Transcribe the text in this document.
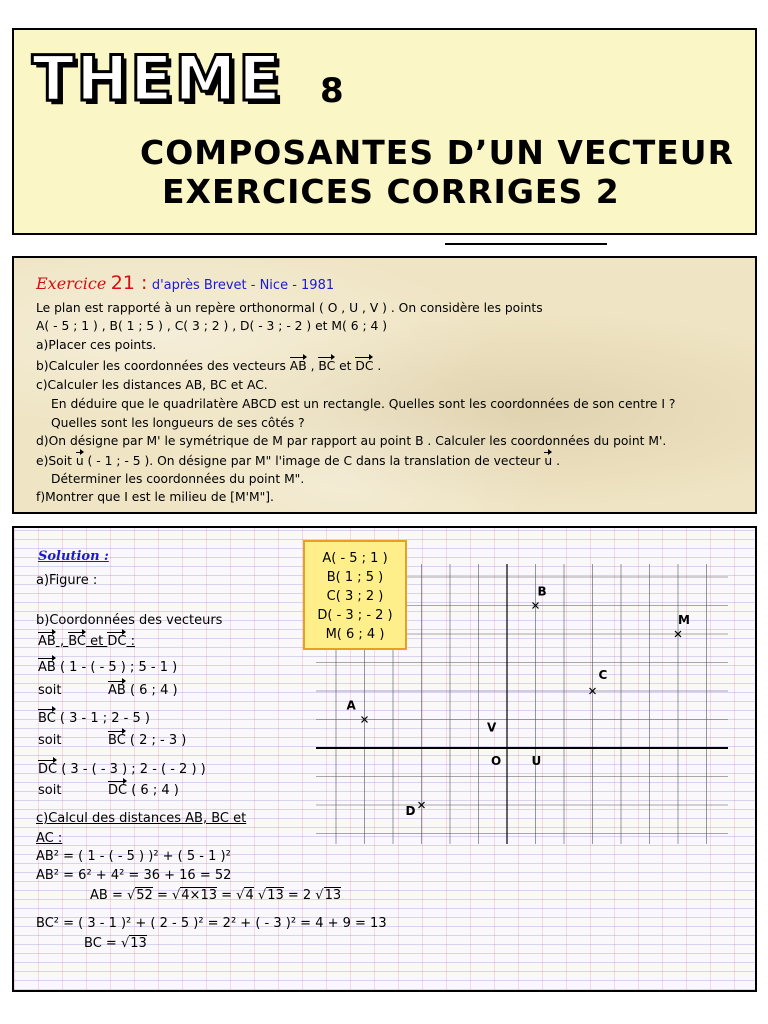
THEME 8
COMPOSANTES D’UN VECTEUR
EXERCICES CORRIGES 2
Exercice 21 : d'après Brevet - Nice - 1981
Le plan est rapporté à un repère orthonormal ( O , U , V ) . On considère les points
A( - 5 ; 1 ) , B( 1 ; 5 ) , C( 3 ; 2 ) , D( - 3 ; - 2 ) et M( 6 ; 4 )
a)Placer ces points.
b)Calculer les coordonnées des vecteurs AB , BC et DC .
c)Calculer les distances AB, BC et AC.
En déduire que le quadrilatère ABCD est un rectangle. Quelles sont les coordonnées de son centre I ?
Quelles sont les longueurs de ses côtés ?
d)On désigne par M' le symétrique de M par rapport au point B . Calculer les coordonnées du point M'.
e)Soit u ( - 1 ; - 5 ). On désigne par M" l'image de C dans la translation de vecteur u .
Déterminer les coordonnées du point M".
f)Montrer que I est le milieu de [M'M"].
Solution :
a)Figure :
b)Coordonnées des vecteurs
AB , BC et DC :
AB ( 1 - ( - 5 ) ; 5 - 1 )
soit	AB ( 6 ; 4 )
BC ( 3 - 1 ; 2 - 5 )
soit	BC ( 2 ; - 3 )
DC ( 3 - ( - 3 ) ; 2 - ( - 2 ) )
soit	DC ( 6 ; 4 )
c)Calcul des distances AB, BC et
AC :
AB² = ( 1 - ( - 5 ) )² + ( 5 - 1 )²
AB² = 6² + 4² = 36 + 16 = 52
AB = √52 = √4×13 = √4 √13 = 2 √13
BC² = ( 3 - 1 )² + ( 2 - 5 )² = 2² + ( - 3 )² = 4 + 9 = 13
BC = √13
A( - 5 ; 1 )
B( 1 ; 5 )
C( 3 ; 2 )
D( - 3 ; - 2 )
M( 6 ; 4 )
O	U
V
A
B
C
D
M
